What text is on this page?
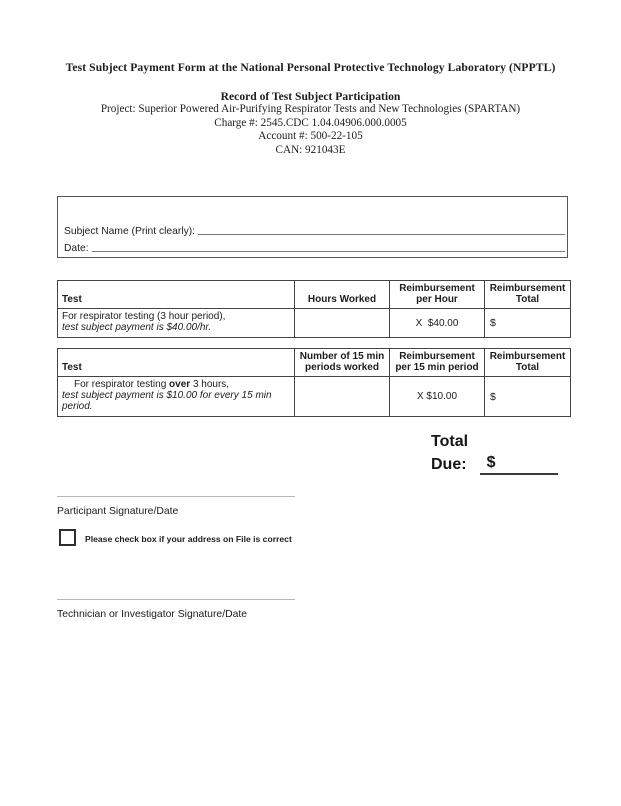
Test Subject Payment Form at the National Personal Protective Technology Laboratory (NPPTL)
Record of Test Subject Participation
Project: Superior Powered Air-Purifying Respirator Tests and New Technologies (SPARTAN)
Charge #: 2545.CDC 1.04.04906.000.0005
Account #: 500-22-105
CAN: 921043E
Subject Name (Print clearly):
Date:
Test	Hours Worked	Reimbursement per Hour	Reimbursement Total

For respirator testing (3 hour period),
test subject payment is $40.00/hr.		X  $40.00	$
Test	Number of 15 min periods worked	Reimbursement per 15 min period	Reimbursement Total

For respirator testing over 3 hours,
test subject payment is $10.00 for every 15 min period.		X $10.00	$
Total
Due:	$
Participant Signature/Date
Please check box if your address on File is correct
Technician or Investigator Signature/Date
